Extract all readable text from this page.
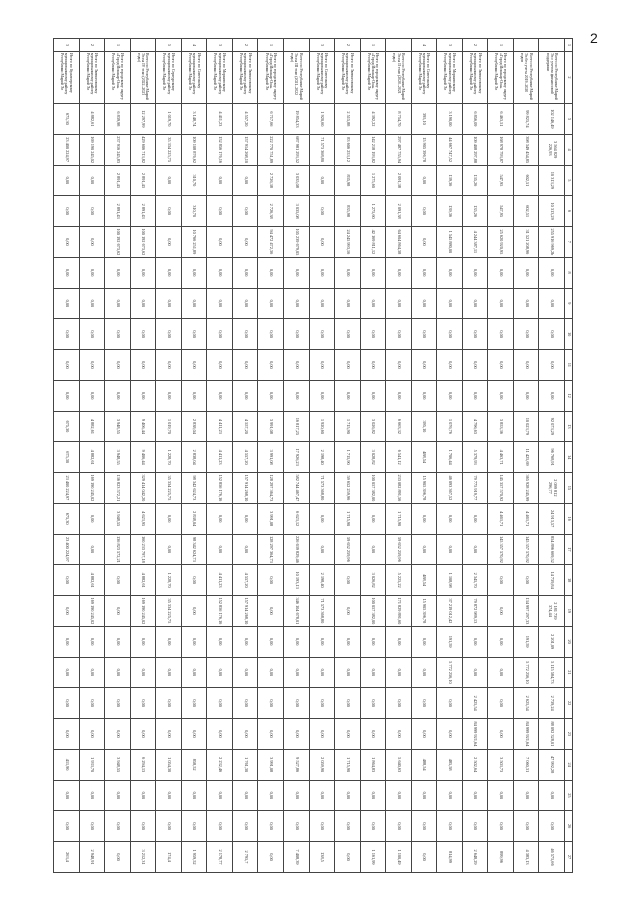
2
1	2	3	4	5	6	7	8	9	10	11	12	13	14	15	16	17	18	19	20	21	22	23	24	25	26	27
	Всего по Республике Марий Эл с учетом финансовой поддержки	102 146,49	3 564 829 226,93	10 313,29	10 313,29	255 916 969,2b	0,00	0,00	0,00	0,00	0,00	92 073,29	96 768,91	2 099 812 296,77	24 913,57	854 896 669,52	14 739,84	2 181 739 374,44	2 201,09	5 115 584,73	2 739,24	88 092 328,01	47 992,28	0,00	0,00	46 575,66
	Всего по Республике Марий Эл без учета 2019–2020 годов	99 825,74	398 349 454,85	602,51	602,51	31 521 208,96	0,00	0,00	0,00	0,00	0,00	10 023,79	11 425,69	365 928 245,99	4 463,71	145 357 570,92	0,00	134 997 297,33	191,59	5 772 256,10	2 625,54	84 999 921,64	7 060,31	0,00	0,00	4 383,13
1	Итого по городскому округу «Город Йошкар-Ола» Республики Марий Эл	6 463,51	168 978 793,87	547,95	547,95	25 620 920,95	0,00	0,00	0,00	0,00	0,00	3 853,36	4 463,71	145 357 570,92	4 463,71	145 357 570,92	0,00	0,00	0,00	0,00	0,00	0,00	3 503,73	0,00	0,00	899,96
2	Итого по Звениговскому муниципальному району Республики Марий Эл	6 856,09	109 408 297,88	135,26	135,26	4 244 387,11	0,00	0,00	0,00	0,00	0,00	4 796,63	5 379,93	79 775 919,77	0,00	0,00	2 345,70	79 872 989,13	0,00	0,00	2 425,54	84 999 921,64	2 502,64	0,00	0,00	2 648,29
3	Итого по Моркинскому муниципальному району Республики Марий Эл	3 190,00	44 667 747,52	139,36	139,36	1 545 880,00	0,00	0,00	0,00	0,00	0,00	1 076,76	1 706,44	46 093 367,52	0,00	0,00	1 108,98	37 219 012,42	191,59	5 772 256,10	0,00	0,00	485,58	0,00	0,00	814,99
4	Итого по Советскому муниципальному району Республики Марий Эл	395,10	15 905 396,78	0,00	0,00	0,00	0,00	0,00	0,00	0,00	0,00	395,10	488,54	15 905 396,78	0,00	0,00	488,54	15 905 396,78	0,00	0,00	0,00	0,00	488,54	0,00	0,00	0,00
	Всего по Республике Марий Эл на II этап (2020–2021 годы)	8 754,70	297 487 755,94	2 091,38	2 091,38	64 604 864,38	0,00	0,00	0,00	0,00	0,00	6 663,32	6 541,12	233 082 891,56	1 715,90	59 652 259,96	5 225,22	171 829 891,60	0,00	0,00	0,00	0,00	5 640,63	0,00	0,00	1 100,49
1	Итого по городскому округу «Город Йошкар-Ола» Республики Марий Эл	4 392,22	142 218 193,82	1 275,60	1 275,60	42 169 811,12	0,00	0,00	0,00	0,00	0,00	3 026,82	3 028,82	100 057 382,00	0,00	0,00	3 026,82	100 057 382,00	0,00	0,00	0,00	0,00	1 864,83	0,00	0,00	1 161,99
2	Итого по Звениговскому муниципальному району Республики Марий Эл	2 515,88	83 606 253,12	835,98	835,98	24 245 993,16	0,00	0,00	0,00	0,00	0,00	1 715,90	1 715,90	59 652 259,96	1 715,90	59 652 259,96	0,00	0,00	0,00	0,00	0,00	0,00	1 715,90	0,00	0,00	0,00
3	Итого по Советскому муниципальному району Республики Марий Эл	1 920,60	71 573 368,80	0,00	0,00	0,00	0,00	0,00	0,00	0,00	0,00	1 920,60	2 198,40	71 573 368,80	0,00	0,00	2 198,40	71 573 368,80	0,00	0,00	0,00	0,00	2 059,90	0,00	0,00	138,5
	Всего по Республике Марий Эл на III этап (2021–2022 годы)	19 854,33	687 981 293,52	3 035,08	3 035,08	105 239 679,05	0,00	0,00	0,00	0,00	0,00	16 817,25	17 926,23	582 744 467,47	6 623,12	226 639 829,46	10 193,13	346 104 678,01	0,00	0,00	0,00	0,00	9 527,86	0,00	0,00	7 408,39
1	Итого по городскому округу «Город Йошкар-Ола» Республики Марий Эл	6 717,66	222 770 751,89	2 726,38	2 726,38	94 472 472,36	0,00	0,00	0,00	0,00	0,00	3 991,08	3 991,08	128 297 364,73	3 991,08	128 297 364,73	0,00	0,00	0,00	0,00	0,00	0,00	3 991,08	0,00	0,00	0,00
2	Итого по Звениговскому муниципальному району Республики Марий Эл	4 557,20	157 914 268,10	0,00	0,00	0,00	0,00	0,00	0,00	0,00	0,00	4 557,20	4 557,20	157 914 268,10	0,00	0,00	4 557,20	157 914 268,10	0,00	0,00	0,00	0,00	1 761,30	0,00	0,00	2 795,7
3	Итого по Моркинскому муниципальному району Республики Марий Эл	4 411,23	152 856 176,16	0,00	0,00	0,00	0,00	0,00	0,00	0,00	0,00	4 411,23	4 411,23	152 856 176,16	0,00	0,00	4 411,23	152 856 176,16	0,00	0,00	0,00	0,00	2 232,46	0,00	0,00	2 178,77
4	Итого по Советскому муниципальному району Республики Марий Эл	3 148,74	109 108 876,62	310,70	310,70	10 766 251,89	0,00	0,00	0,00	0,00	0,00	2 838,04	2 838,04	98 342 624,73	2 838,04	98 342 624,73	0,00	0,00	0,00	0,00	0,00	0,00	858,52	0,00	0,00	1 959,52
5	Итого по Сернурскому муниципальному району Республики Марий Эл	1 019,70	35 334 225,75	0,00	0,00	0,00	0,00	0,00	0,00	0,00	0,00	1 019,70	1 228,70	35 334 225,75	0,00	0,00	1 228,70	35 334 225,75	0,00	0,00	0,00	0,00	1 054,30	0,00	0,00	174,4
	Всего по Республике Марий Эл на IV этап (2022–2023 годы)	12 297,99	429 606 713,82	2 891,43	2 891,43	100 192 673,62	0,00	0,00	0,00	0,00	0,00	9 406,44	9 406,44	329 414 042,20	4 623,95	160 233 797,18	4 882,61	169 190 245,02	0,00	0,00	0,00	0,00	6 294,13	0,00	0,00	3 212,31
1	Итого по городскому округу «Город Йошкар-Ола» Республики Марий Эл	6 839,98	237 916 245,83	2 891,43	2 891,43	100 192 673,62	0,00	0,00	0,00	0,00	0,00	3 948,55	3 948,55	136 823 572,21	3 948,55	136 823 572,21	0,00	0,00	0,00	0,00	0,00	0,00	3 948,55	0,00	0,00	0,00
2	Итого по Звениговскому муниципальному району Республики Марий Эл	4 882,61	169 190 245,02	0,00	0,00	0,00	0,00	0,00	0,00	0,00	0,00	4 882,61	4 882,61	169 190 245,02	0,00	0,00	4 882,61	169 190 245,02	0,00	0,00	0,00	0,00	1 933,70	0,00	0,00	2 948,91
3	Итого по Куженерскому муниципальному району Республики Марий Эл	675,30	23 400 224,97	0,00	0,00	0,00	0,00	0,00	0,00	0,00	0,00	675,30	675,30	23 400 224,97	675,30	23 400 224,97	0,00	0,00	0,00	0,00	0,00	0,00	411,90	0,00	0,00	263,4
